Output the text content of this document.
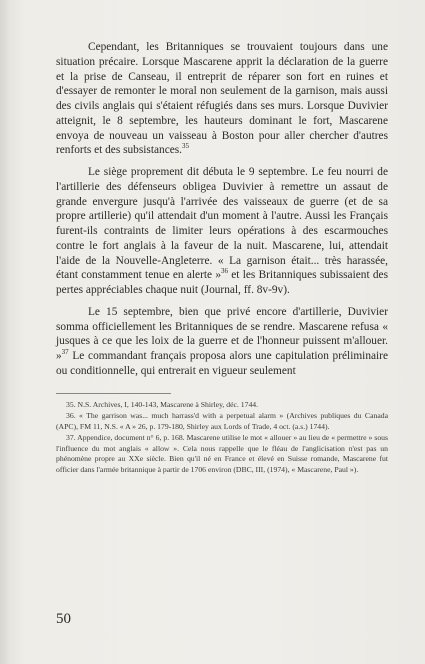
Cependant, les Britanniques se trouvaient toujours dans une situation précaire. Lorsque Mascarene apprit la déclaration de la guerre et la prise de Canseau, il entreprit de réparer son fort en ruines et d'essayer de remonter le moral non seulement de la garnison, mais aussi des civils anglais qui s'étaient réfugiés dans ses murs. Lorsque Duvivier atteignit, le 8 septembre, les hauteurs dominant le fort, Mascarene envoya de nouveau un vaisseau à Boston pour aller chercher d'autres renforts et des subsistances.$^{35}$

Le siège proprement dit débuta le 9 septembre. Le feu nourri de l'artillerie des défenseurs obligea Duvivier à remettre un assaut de grande envergure jusqu'à l'arrivée des vaisseaux de guerre (et de sa propre artillerie) qu'il attendait d'un moment à l'autre. Aussi les Français furent-ils contraints de limiter leurs opérations à des escarmouches contre le fort anglais à la faveur de la nuit. Mascarene, lui, attendait l'aide de la Nouvelle-Angleterre. « La garnison était... très harassée, étant constamment tenue en alerte »$^{36}$ et les Britanniques subissaient des pertes appréciables chaque nuit (Journal, ff. 8v-9v).

Le 15 septembre, bien que privé encore d'artillerie, Duvivier somma officiellement les Britanniques de se rendre. Mascarene refusa « jusques à ce que les loix de la guerre et de l'honneur puissent m'allouer. »$^{37}$ Le commandant français proposa alors une capitulation préliminaire ou conditionnelle, qui entrerait en vigueur seulement

35. N.S. Archives, I, 140-143, Mascarene à Shirley, déc. 1744.

36. « The garrison was... much harrass'd with a perpetual alarm » (Archives publiques du Canada (APC), FM 11, N.S. « A » 26, p. 179-180, Shirley aux Lords of Trade, 4 oct. (a.s.) 1744).

37. Appendice, document n° 6, p. 168. Mascarene utilise le mot « allouer » au lieu de « permettre » sous l'influence du mot anglais « allow ». Cela nous rappelle que le fléau de l'anglicisation n'est pas un phénomène propre au XXe siècle. Bien qu'il né en France et élevé en Suisse romande, Mascarene fut officier dans l'armée britannique à partir de 1706 environ (DBC, III, (1974), « Mascarene, Paul »).

50
